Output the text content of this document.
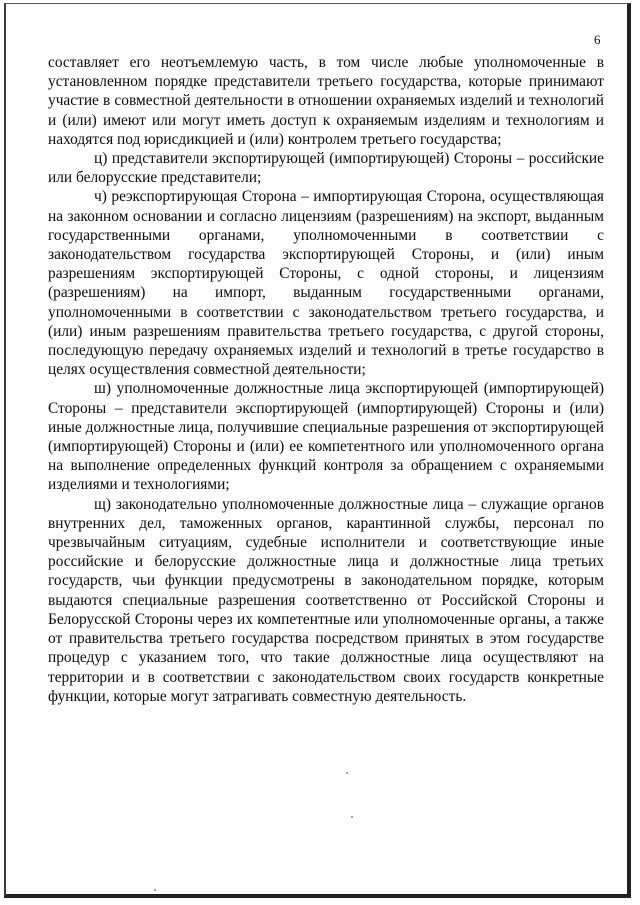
6

составляет его неотъемлемую часть, в том числе любые уполномоченные в установленном порядке представители третьего государства, которые принимают участие в совместной деятельности в отношении охраняемых изделий и технологий и (или) имеют или могут иметь доступ к охраняемым изделиям и технологиям и находятся под юрисдикцией и (или) контролем третьего государства;

ц) представители экспортирующей (импортирующей) Стороны – российские или белорусские представители;

ч) реэкспортирующая Сторона – импортирующая Сторона, осуществляющая на законном основании и согласно лицензиям (разрешениям) на экспорт, выданным государственными органами, уполномоченными в соответствии с законодательством государства экспортирующей Стороны, и (или) иным разрешениям экспортирующей Стороны, с одной стороны, и лицензиям (разрешениям) на импорт, выданным государственными органами, уполномоченными в соответствии с законодательством третьего государства, и (или) иным разрешениям правительства третьего государства, с другой стороны, последующую передачу охраняемых изделий и технологий в третье государство в целях осуществления совместной деятельности;

ш) уполномоченные должностные лица экспортирующей (импортирующей) Стороны – представители экспортирующей (импортирующей) Стороны и (или) иные должностные лица, получившие специальные разрешения от экспортирующей (импортирующей) Стороны и (или) ее компетентного или уполномоченного органа на выполнение определенных функций контроля за обращением с охраняемыми изделиями и технологиями;

щ) законодательно уполномоченные должностные лица – служащие органов внутренних дел, таможенных органов, карантинной службы, персонал по чрезвычайным ситуациям, судебные исполнители и соответствующие иные российские и белорусские должностные лица и должностные лица третьих государств, чьи функции предусмотрены в законодательном порядке, которым выдаются специальные разрешения соответственно от Российской Стороны и Белорусской Стороны через их компетентные или уполномоченные органы, а также от правительства третьего государства посредством принятых в этом государстве процедур с указанием того, что такие должностные лица осуществляют на территории и в соответствии с законодательством своих государств конкретные функции, которые могут затрагивать совместную деятельность.
